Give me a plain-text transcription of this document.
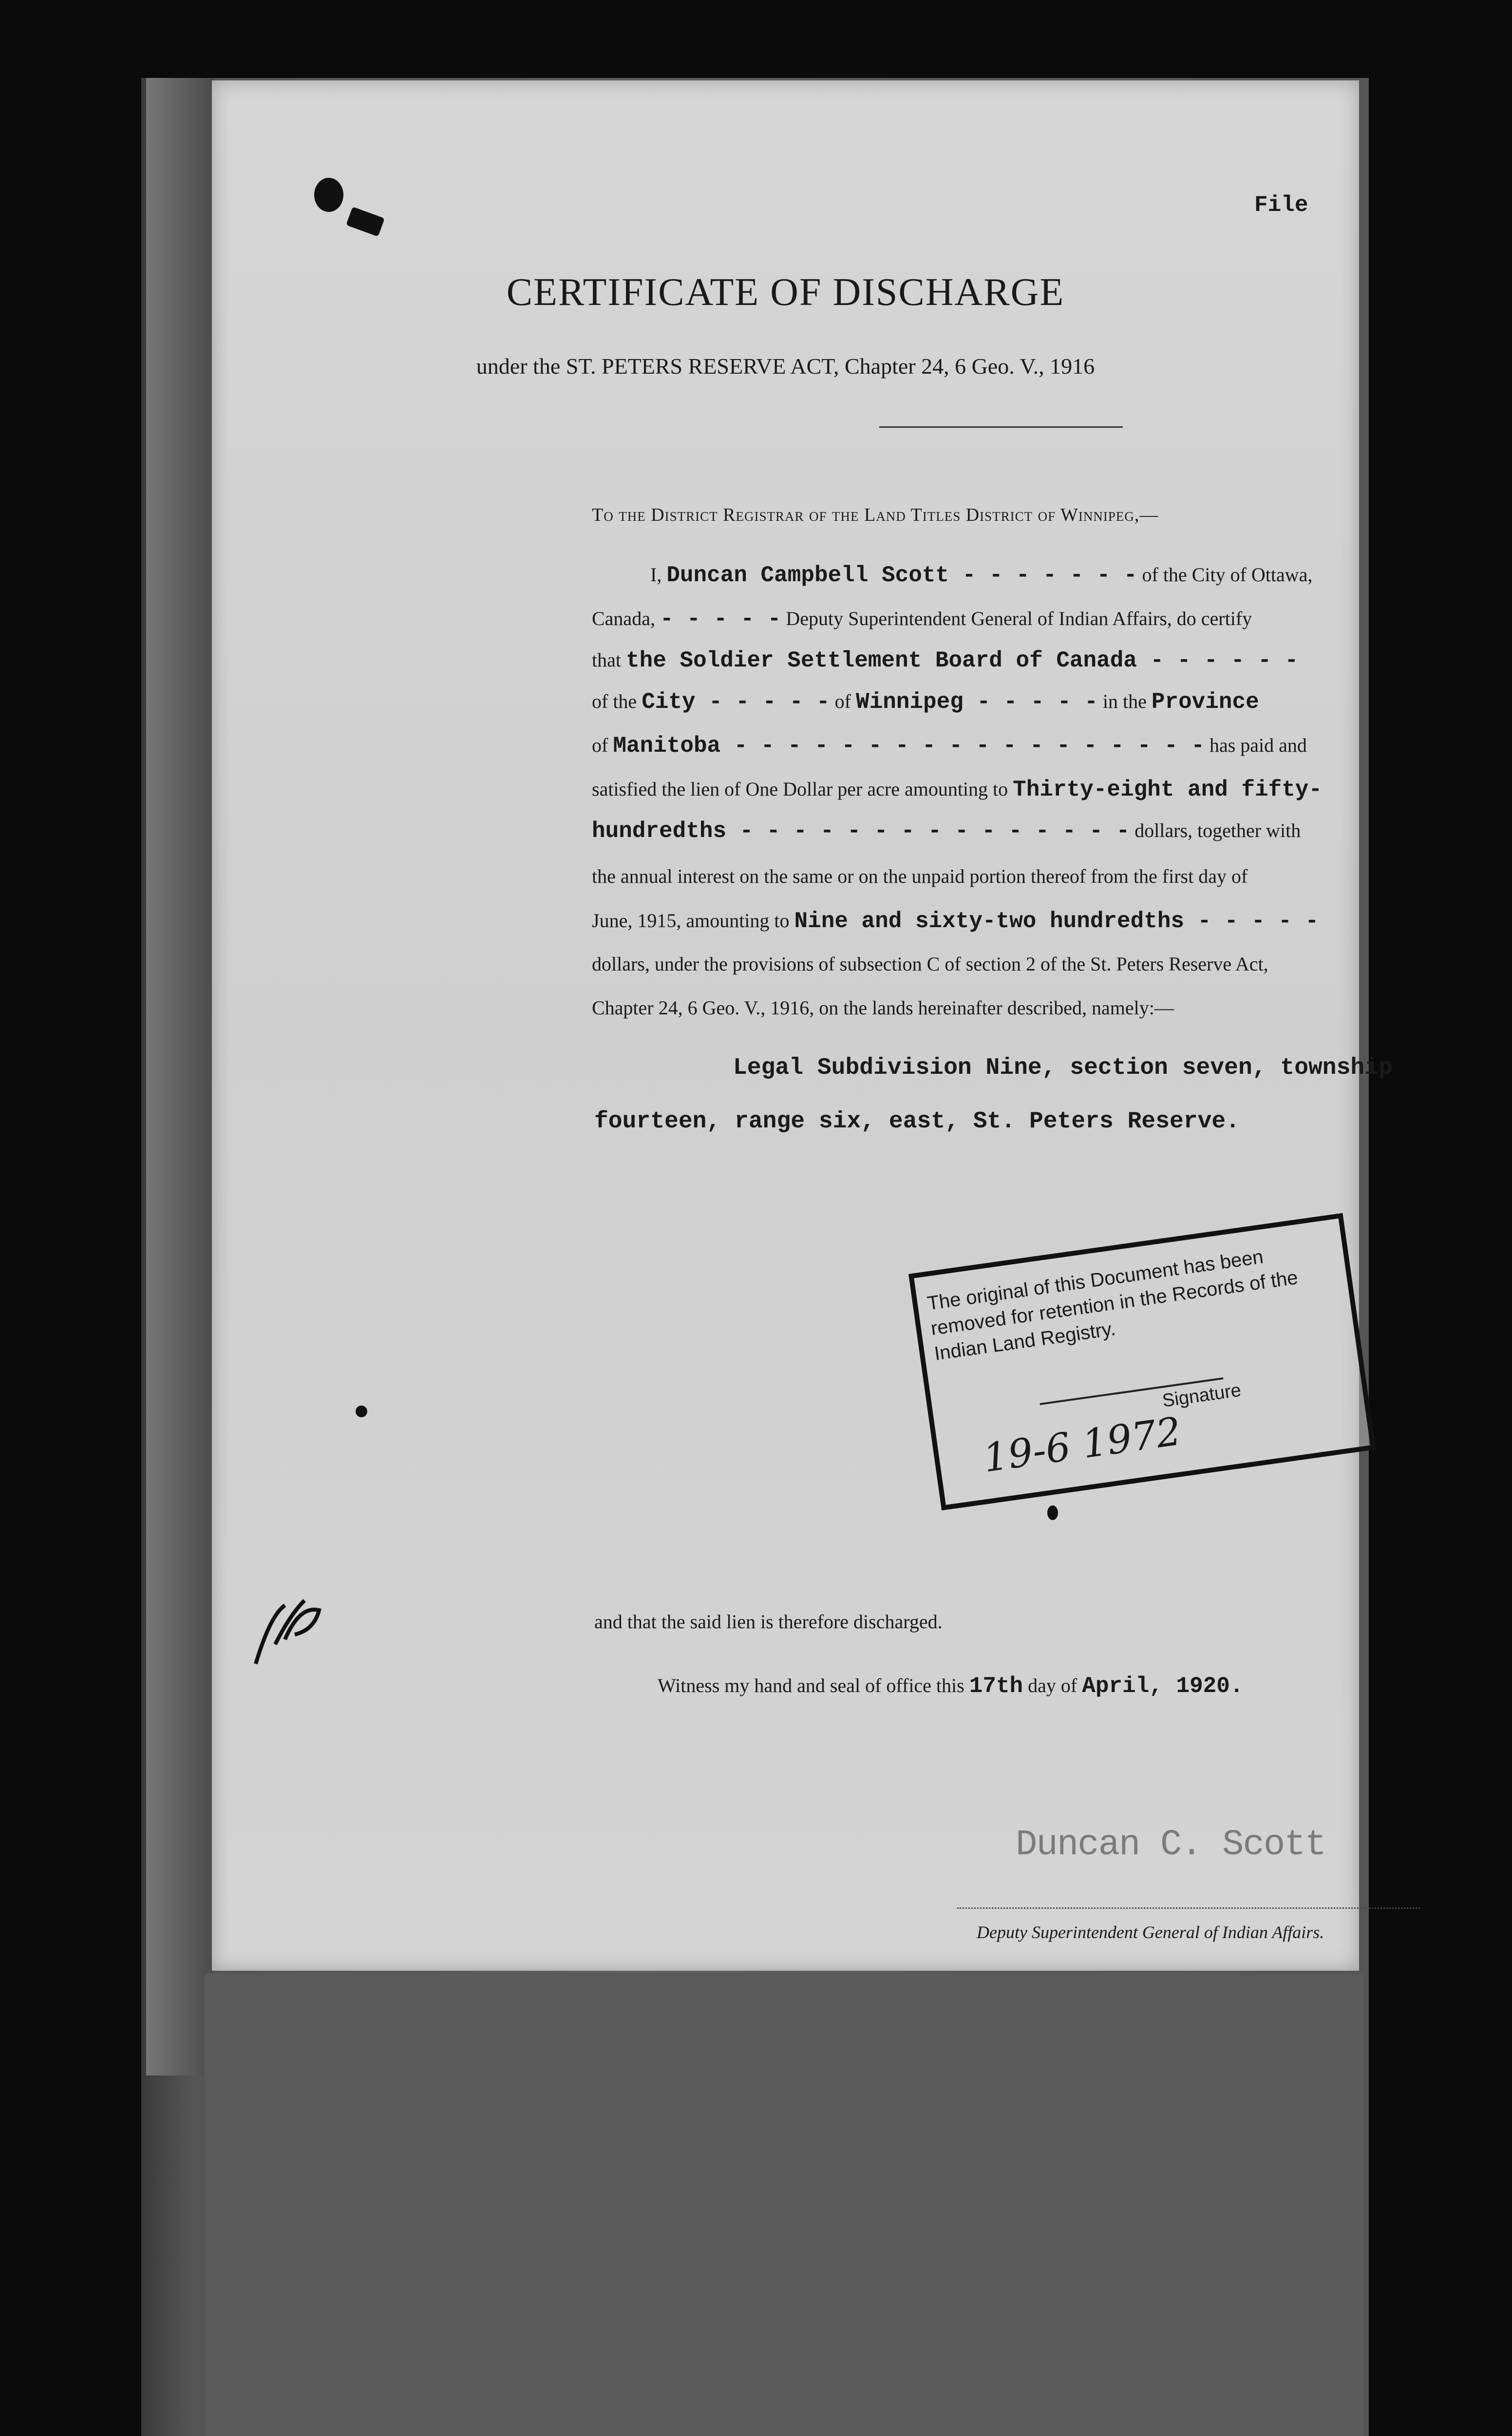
File
CERTIFICATE OF DISCHARGE
under the ST. PETERS RESERVE ACT, Chapter 24, 6 Geo. V., 1916
To the District Registrar of the Land Titles District of Winnipeg,—
I, Duncan Campbell Scott - - - - - - - of the City of Ottawa,
Canada, - - - - - Deputy Superintendent General of Indian Affairs, do certify
that the Soldier Settlement Board of Canada - - - - - -
of the City - - - - - of Winnipeg - - - - - in the Province
of Manitoba - - - - - - - - - - - - - - - - - - has paid and
satisfied the lien of One Dollar per acre amounting to Thirty-eight and fifty-
hundredths - - - - - - - - - - - - - - - dollars, together with
the annual interest on the same or on the unpaid portion thereof from the first day of
June, 1915, amounting to Nine and sixty-two hundredths - - - - -
dollars, under the provisions of subsection C of section 2 of the St. Peters Reserve Act,
Chapter 24, 6 Geo. V., 1916, on the lands hereinafter described, namely:—
Legal Subdivision Nine, section seven, township
fourteen, range six, east, St. Peters Reserve.
The original of this Document has been removed for retention in the Records of the Indian Land Registry.
Signature
19-6 1972
and that the said lien is therefore discharged.
Witness my hand and seal of office this 17th day of April, 1920.
Duncan C. Scott
Deputy Superintendent General of Indian Affairs.
